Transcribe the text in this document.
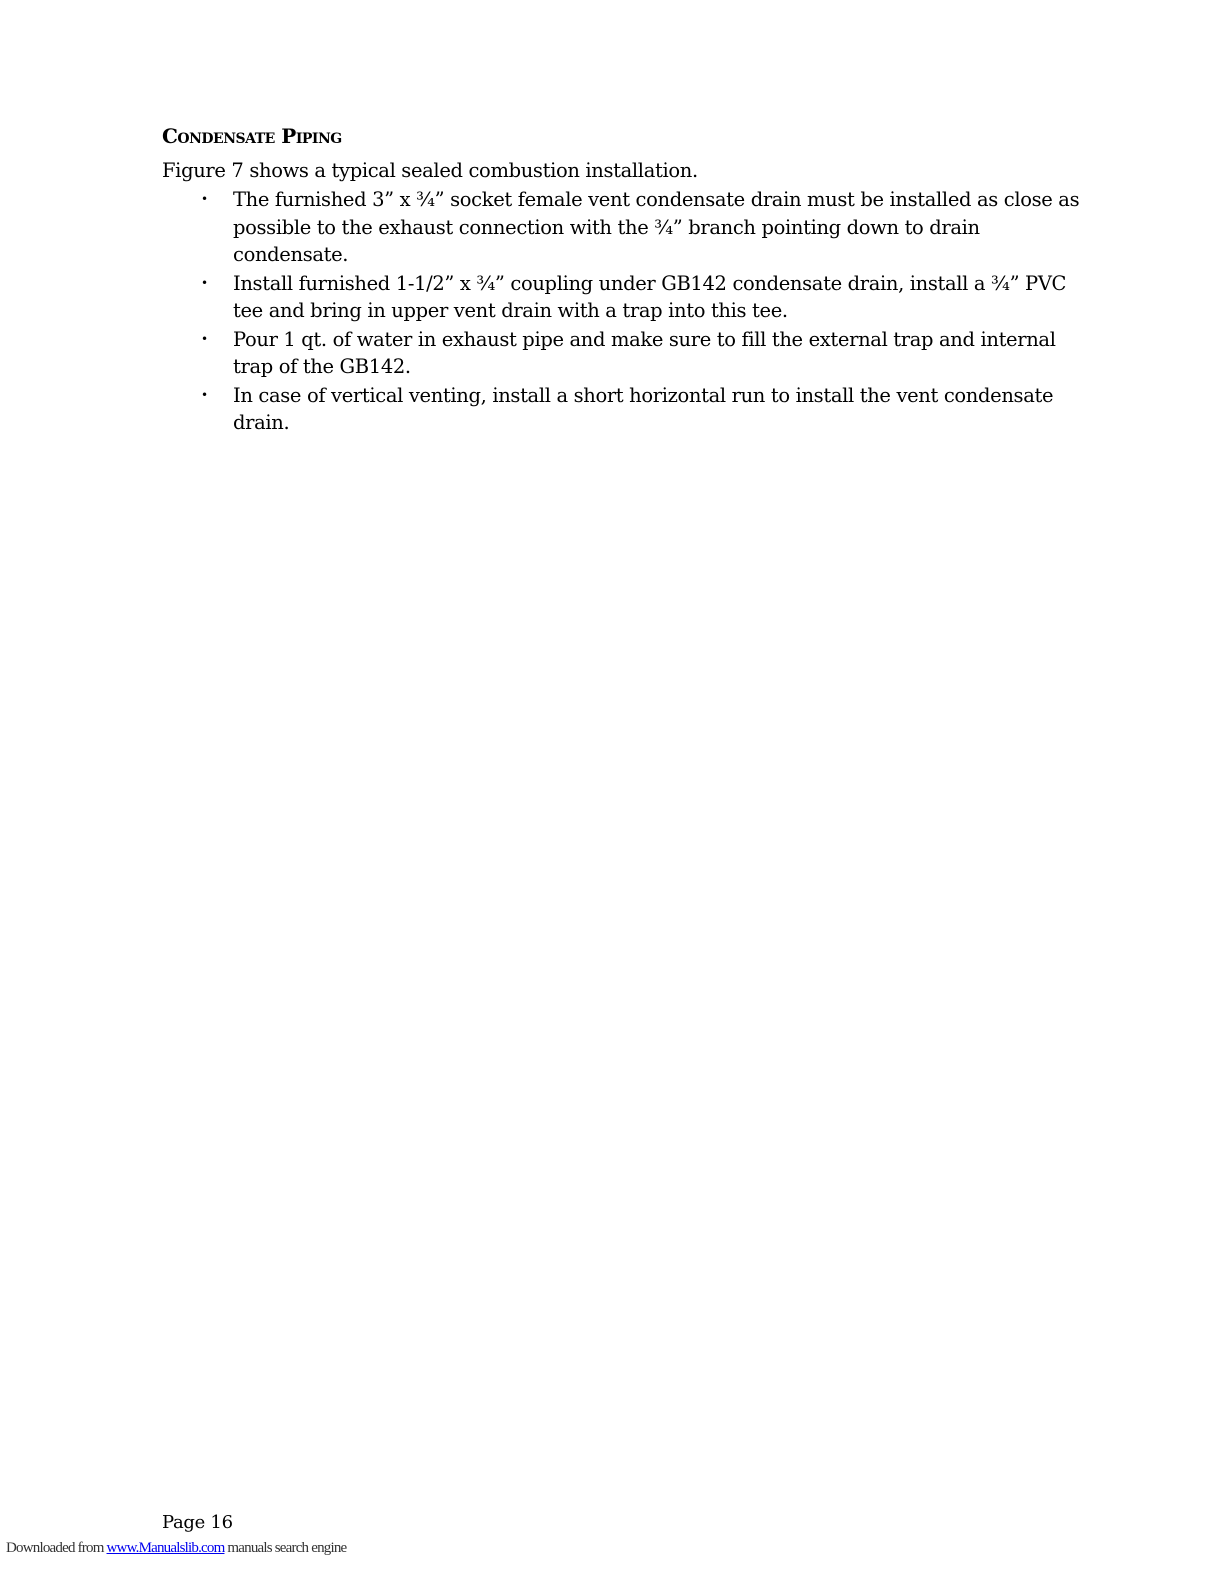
Condensate Piping

Figure 7 shows a typical sealed combustion installation.

• The furnished 3” x ¾” socket female vent condensate drain must be installed as close as possible to the exhaust connection with the ¾” branch pointing down to drain condensate.
• Install furnished 1-1/2” x ¾” coupling under GB142 condensate drain, install a ¾” PVC tee and bring in upper vent drain with a trap into this tee.
• Pour 1 qt. of water in exhaust pipe and make sure to fill the external trap and internal trap of the GB142.
• In case of vertical venting, install a short horizontal run to install the vent condensate drain.
Page 16
Downloaded from www.Manualslib.com manuals search engine
